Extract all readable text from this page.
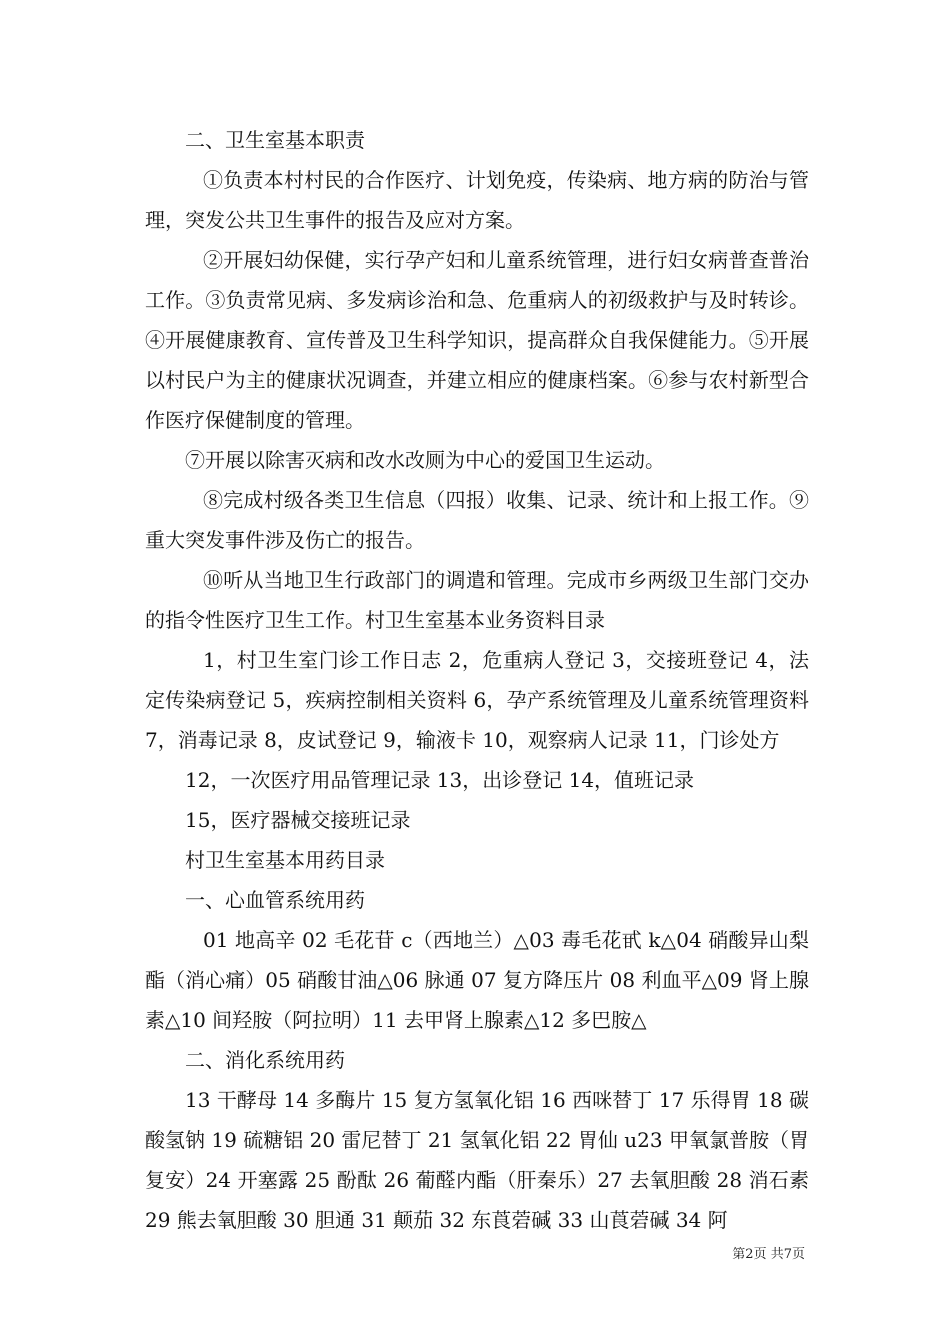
二、卫生室基本职责

①负责本村村民的合作医疗、计划免疫，传染病、地方病的防治与管理，突发公共卫生事件的报告及应对方案。

②开展妇幼保健，实行孕产妇和儿童系统管理，进行妇女病普查普治工作。③负责常见病、多发病诊治和急、危重病人的初级救护与及时转诊。④开展健康教育、宣传普及卫生科学知识，提高群众自我保健能力。⑤开展以村民户为主的健康状况调查，并建立相应的健康档案。⑥参与农村新型合作医疗保健制度的管理。

⑦开展以除害灭病和改水改厕为中心的爱国卫生运动。

⑧完成村级各类卫生信息（四报）收集、记录、统计和上报工作。⑨重大突发事件涉及伤亡的报告。

⑩听从当地卫生行政部门的调遣和管理。完成市乡两级卫生部门交办的指令性医疗卫生工作。村卫生室基本业务资料目录

1，村卫生室门诊工作日志 2，危重病人登记 3，交接班登记 4，法定传染病登记 5，疾病控制相关资料 6，孕产系统管理及儿童系统管理资料 7，消毒记录 8，皮试登记 9，输液卡 10，观察病人记录 11，门诊处方

12，一次医疗用品管理记录 13，出诊登记 14，值班记录

15，医疗器械交接班记录

村卫生室基本用药目录

一、心血管系统用药

01 地高辛 02 毛花苷 c（西地兰）△03 毒毛花甙 k△04 硝酸异山梨酯（消心痛）05 硝酸甘油△06 脉通 07 复方降压片 08 利血平△09 肾上腺素△10 间羟胺（阿拉明）11 去甲肾上腺素△12 多巴胺△

二、消化系统用药

13 干酵母 14 多酶片 15 复方氢氧化铝 16 西咪替丁 17 乐得胃 18 碳酸氢钠 19 硫糖铝 20 雷尼替丁 21 氢氧化铝 22 胃仙 u23 甲氧氯普胺（胃复安）24 开塞露 25 酚酞 26 葡醛内酯（肝秦乐）27 去氧胆酸 28 消石素 29 熊去氧胆酸 30 胆通 31 颠茄 32 东莨菪碱 33 山莨菪碱 34 阿

第2页 共7页
